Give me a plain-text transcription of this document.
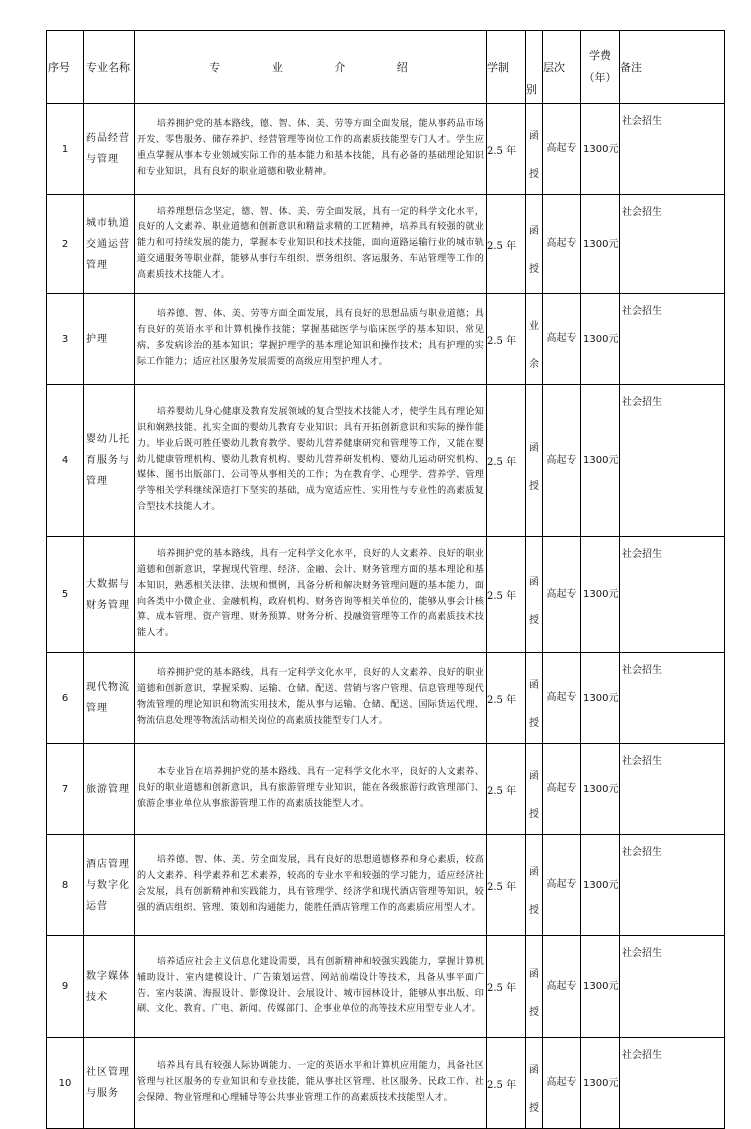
序号	专业名称	专 业 介 绍	学制	别	层次	学费（年）	备注
1	药品经营与管理	培养拥护党的基本路线，德、智、体、美、劳等方面全面发展，能从事药品市场开发、零售服务、储存养护、经营管理等岗位工作的高素质技能型专门人才。学生应重点掌握从事本专业领域实际工作的基本能力和基本技能，具有必备的基础理论知识和专业知识，具有良好的职业道德和敬业精神。	2.5 年	函授	高起专	1300元	社会招生
2	城市轨道交通运营管理	培养理想信念坚定，德、智、体、美、劳全面发展，具有一定的科学文化水平，良好的人文素养、职业道德和创新意识和精益求精的工匠精神，培养具有较强的就业能力和可持续发展的能力，掌握本专业知识和技术技能，面向道路运输行业的城市轨道交通服务等职业群，能够从事行车组织、票务组织、客运服务、车站管理等工作的高素质技术技能人才。	2.5 年	函授	高起专	1300元	社会招生
3	护理	培养德、智、体、美、劳等方面全面发展，具有良好的思想品质与职业道德；具有良好的英语水平和计算机操作技能；掌握基础医学与临床医学的基本知识、常见病、多发病诊治的基本知识；掌握护理学的基本理论知识和操作技术；具有护理的实际工作能力；适应社区服务发展需要的高级应用型护理人才。	2.5 年	业余	高起专	1300元	社会招生
4	婴幼儿托育服务与管理	培养婴幼儿身心健康及教育发展领域的复合型技术技能人才，使学生具有理论知识和娴熟技能、扎实全面的婴幼儿教育专业知识；具有开拓创新意识和实际的操作能力。毕业后既可胜任婴幼儿教育教学、婴幼儿营养健康研究和管理等工作，又能在婴幼儿健康管理机构、婴幼儿教育机构、婴幼儿营养研发机构、婴幼儿运动研究机构、媒体、图书出版部门、公司等从事相关的工作；为在教育学、心理学、营养学、管理学等相关学科继续深造打下坚实的基础，成为宽适应性、实用性与专业性的高素质复合型技术技能人才。	2.5 年	函授	高起专	1300元	社会招生
5	大数据与财务管理	培养拥护党的基本路线，具有一定科学文化水平，良好的人文素养、良好的职业道德和创新意识，掌握现代管理、经济、金融、会计、财务管理方面的基本理论和基本知识，熟悉相关法律、法规和惯例，具备分析和解决财务管理问题的基本能力，面向各类中小微企业、金融机构，政府机构、财务咨询等相关单位的，能够从事会计核算、成本管理、资产管理、财务预算、财务分析、投融资管理等工作的高素质技术技能人才。	2.5 年	函授	高起专	1300元	社会招生
6	现代物流管理	培养拥护党的基本路线，具有一定科学文化水平，良好的人文素养、良好的职业道德和创新意识，掌握采购、运输、仓储、配送、营销与客户管理、信息管理等现代物流管理的理论知识和物流实用技术，能从事与运输、仓储、配送、国际货运代理、物流信息处理等物流活动相关岗位的高素质技能型专门人才。	2.5 年	函授	高起专	1300元	社会招生
7	旅游管理	本专业旨在培养拥护党的基本路线、具有一定科学文化水平，良好的人文素养、良好的职业道德和创新意识，具有旅游管理专业知识，能在各级旅游行政管理部门、旅游企事业单位从事旅游管理工作的高素质技能型人才。	2.5 年	函授	高起专	1300元	社会招生
8	酒店管理与数字化运营	培养德、智、体、美、劳全面发展，具有良好的思想道德修养和身心素质，较高的人文素养、科学素养和艺术素养，较高的专业水平和较强的学习能力，适应经济社会发展，具有创新精神和实践能力，具有管理学、经济学和现代酒店管理等知识，较强的酒店组织、管理、策划和沟通能力，能胜任酒店管理工作的高素质应用型人才。	2.5 年	函授	高起专	1300元	社会招生
9	数字媒体技术	培养适应社会主义信息化建设需要，具有创新精神和较强实践能力，掌握计算机辅助设计、室内建模设计、广告策划运营、网站前端设计等技术，具备从事平面广告、室内装潢、海报设计、影像设计、会展设计、城市园林设计，能够从事出版、印刷、文化、教育、广电、新闻、传媒部门、企事业单位的高等技术应用型专业人才。	2.5 年	函授	高起专	1300元	社会招生
10	社区管理与服务	培养具有具有较强人际协调能力、一定的英语水平和计算机应用能力，具备社区管理与社区服务的专业知识和专业技能，能从事社区管理、社区服务、民政工作、社会保障、物业管理和心理辅导等公共事业管理工作的高素质技术技能型人才。	2.5 年	函授	高起专	1300元	社会招生
